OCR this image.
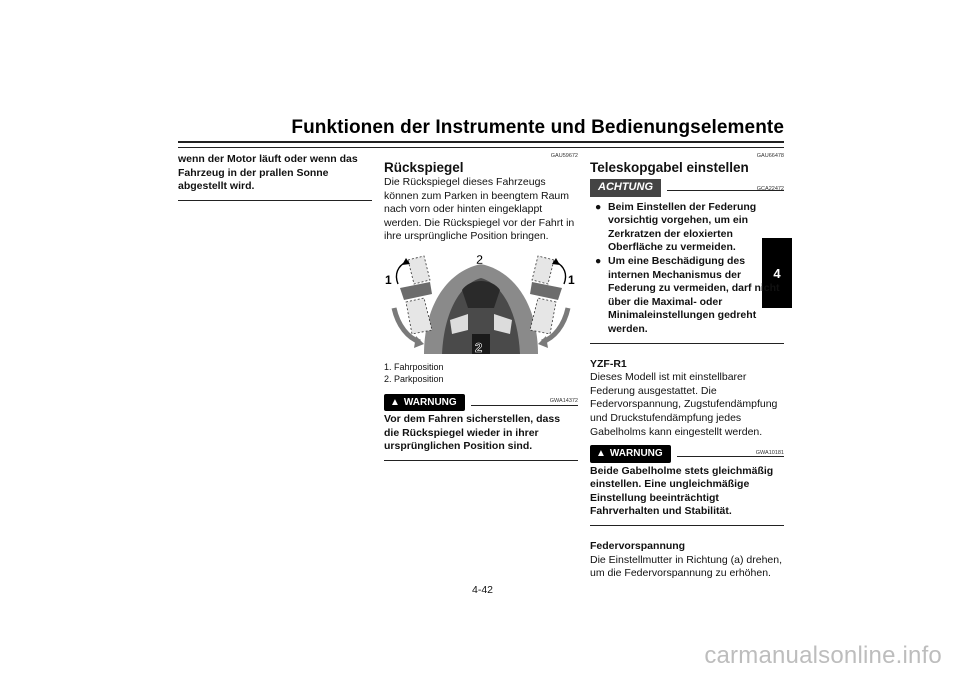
Funktionen der Instrumente und Bedienungselemente
4

wenn der Motor läuft oder wenn das Fahrzeug in der prallen Sonne abgestellt wird.

GAU59672
Rückspiegel

Die Rückspiegel dieses Fahrzeugs können zum Parken in beengtem Raum nach vorn oder hinten eingeklappt werden. Die Rückspiegel vor der Fahrt in ihre ursprüngliche Position bringen.

1	1
2
2
1. Fahrposition
2. Parkposition
▲ WARNUNG	GWA14372

Vor dem Fahren sicherstellen, dass die Rückspiegel wieder in ihrer ursprünglichen Position sind.

GAU66478
Teleskopgabel einstellen
ACHTUNG	GCA22472
● Beim Einstellen der Federung vorsichtig vorgehen, um ein Zerkratzen der eloxierten Oberfläche zu vermeiden.
● Um eine Beschädigung des internen Mechanismus der Federung zu vermeiden, darf nicht über die Maximal- oder Minimaleinstellungen gedreht werden.

YZF-R1

Dieses Modell ist mit einstellbarer Federung ausgestattet. Die Federvorspannung, Zugstufendämpfung und Druckstufendämpfung jedes Gabelholms kann eingestellt werden.

▲ WARNUNG	GWA10181

Beide Gabelholme stets gleichmäßig einstellen. Eine ungleichmäßige Einstellung beeinträchtigt Fahrverhalten und Stabilität.

Federvorspannung

Die Einstellmutter in Richtung (a) drehen, um die Federvorspannung zu erhöhen.

4-42
carmanualsonline.info
